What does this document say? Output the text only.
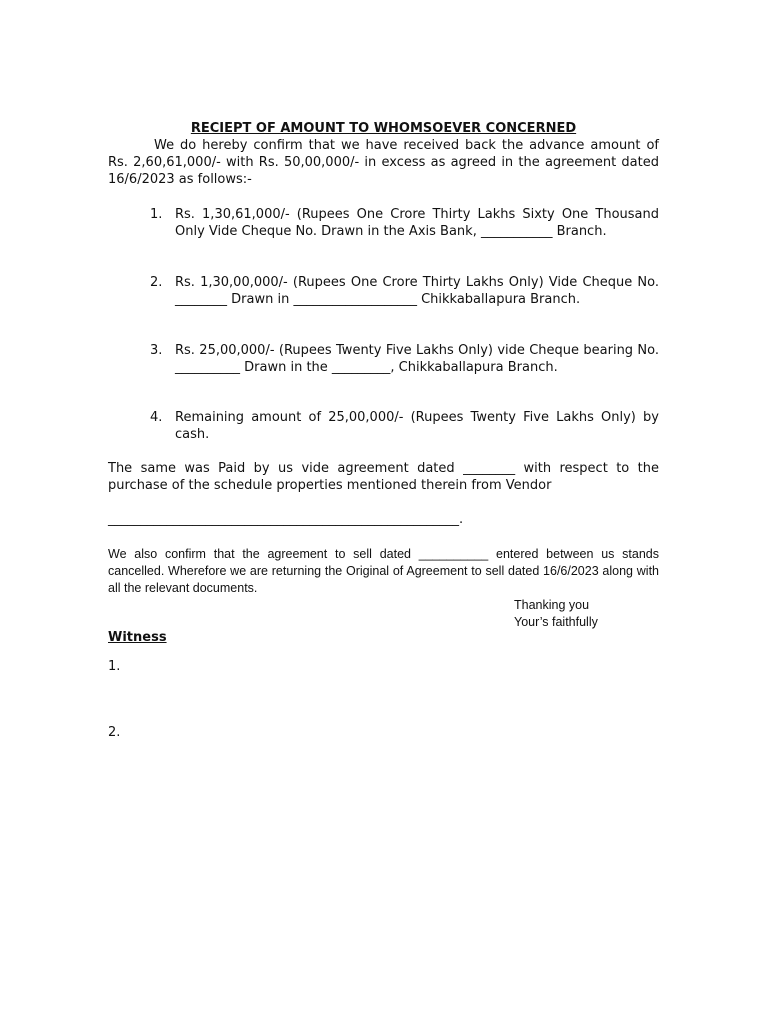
RECIEPT OF AMOUNT TO WHOMSOEVER CONCERNED
We do hereby confirm that we have received back the advance amount of Rs. 2,60,61,000/- with Rs. 50,00,000/- in excess as agreed in the agreement dated 16/6/2023 as follows:-
1. Rs. 1,30,61,000/- (Rupees One Crore Thirty Lakhs Sixty One Thousand Only Vide Cheque No. Drawn in the Axis Bank, ___________ Branch.
2. Rs. 1,30,00,000/- (Rupees One Crore Thirty Lakhs Only) Vide Cheque No. ________ Drawn in ___________________ Chikkaballapura Branch.
3. Rs. 25,00,000/- (Rupees Twenty Five Lakhs Only) vide Cheque bearing No. __________ Drawn in the _________, Chikkaballapura Branch.
4. Remaining amount of 25,00,000/- (Rupees Twenty Five Lakhs Only) by cash.
The same was Paid by us vide agreement dated ________ with respect to the purchase of the schedule properties mentioned therein from Vendor
______________________________________________________.
We also confirm that the agreement to sell dated __________ entered between us stands cancelled. Wherefore we are returning the Original of Agreement to sell dated 16/6/2023 along with all the relevant documents.
Thanking you
Your’s faithfully
Witness
1.
2.
